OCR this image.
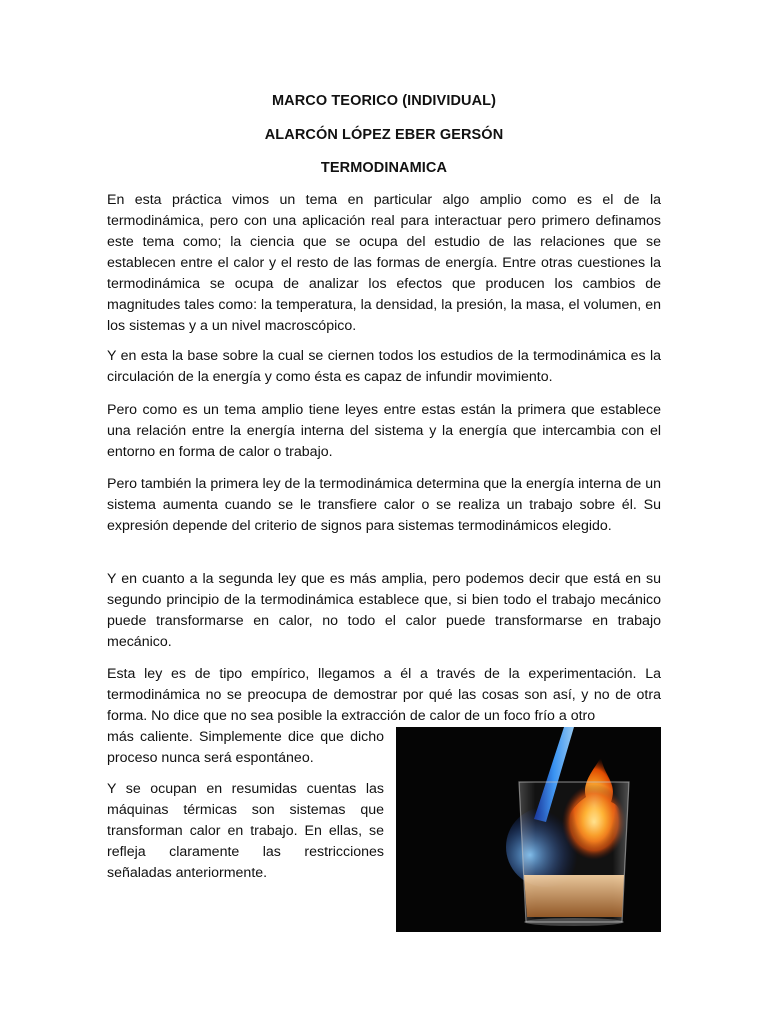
MARCO TEORICO (INDIVIDUAL)
ALARCÓN LÓPEZ EBER GERSÓN
TERMODINAMICA

En esta práctica vimos un tema en particular algo amplio como es el de la termodinámica, pero con una aplicación real para interactuar pero primero definamos este tema como; la ciencia que se ocupa del estudio de las relaciones que se establecen entre el calor y el resto de las formas de energía. Entre otras cuestiones la termodinámica se ocupa de analizar los efectos que producen los cambios de magnitudes tales como: la temperatura, la densidad, la presión, la masa, el volumen, en los sistemas y a un nivel macroscópico.

Y en esta la base sobre la cual se ciernen todos los estudios de la termodinámica es la circulación de la energía y como ésta es capaz de infundir movimiento.

Pero como es un tema amplio tiene leyes entre estas están la primera que establece una relación entre la energía interna del sistema y la energía que intercambia con el entorno en forma de calor o trabajo.

Pero también la primera ley de la termodinámica determina que la energía interna de un sistema aumenta cuando se le transfiere calor o se realiza un trabajo sobre él. Su expresión depende del criterio de signos para sistemas termodinámicos elegido.

Y en cuanto a la segunda ley que es más amplia, pero podemos decir que está en su segundo principio de la termodinámica establece que, si bien todo el trabajo mecánico puede transformarse en calor, no todo el calor puede transformarse en trabajo mecánico.

Esta ley es de tipo empírico, llegamos a él a través de la experimentación. La termodinámica no se preocupa de demostrar por qué las cosas son así, y no de otra forma. No dice que no sea posible la extracción de calor de un foco frío a otro

más caliente. Simplemente dice que dicho proceso nunca será espontáneo.

Y se ocupan en resumidas cuentas las máquinas térmicas son sistemas que transforman calor en trabajo. En ellas, se refleja claramente las restricciones señaladas anteriormente.
